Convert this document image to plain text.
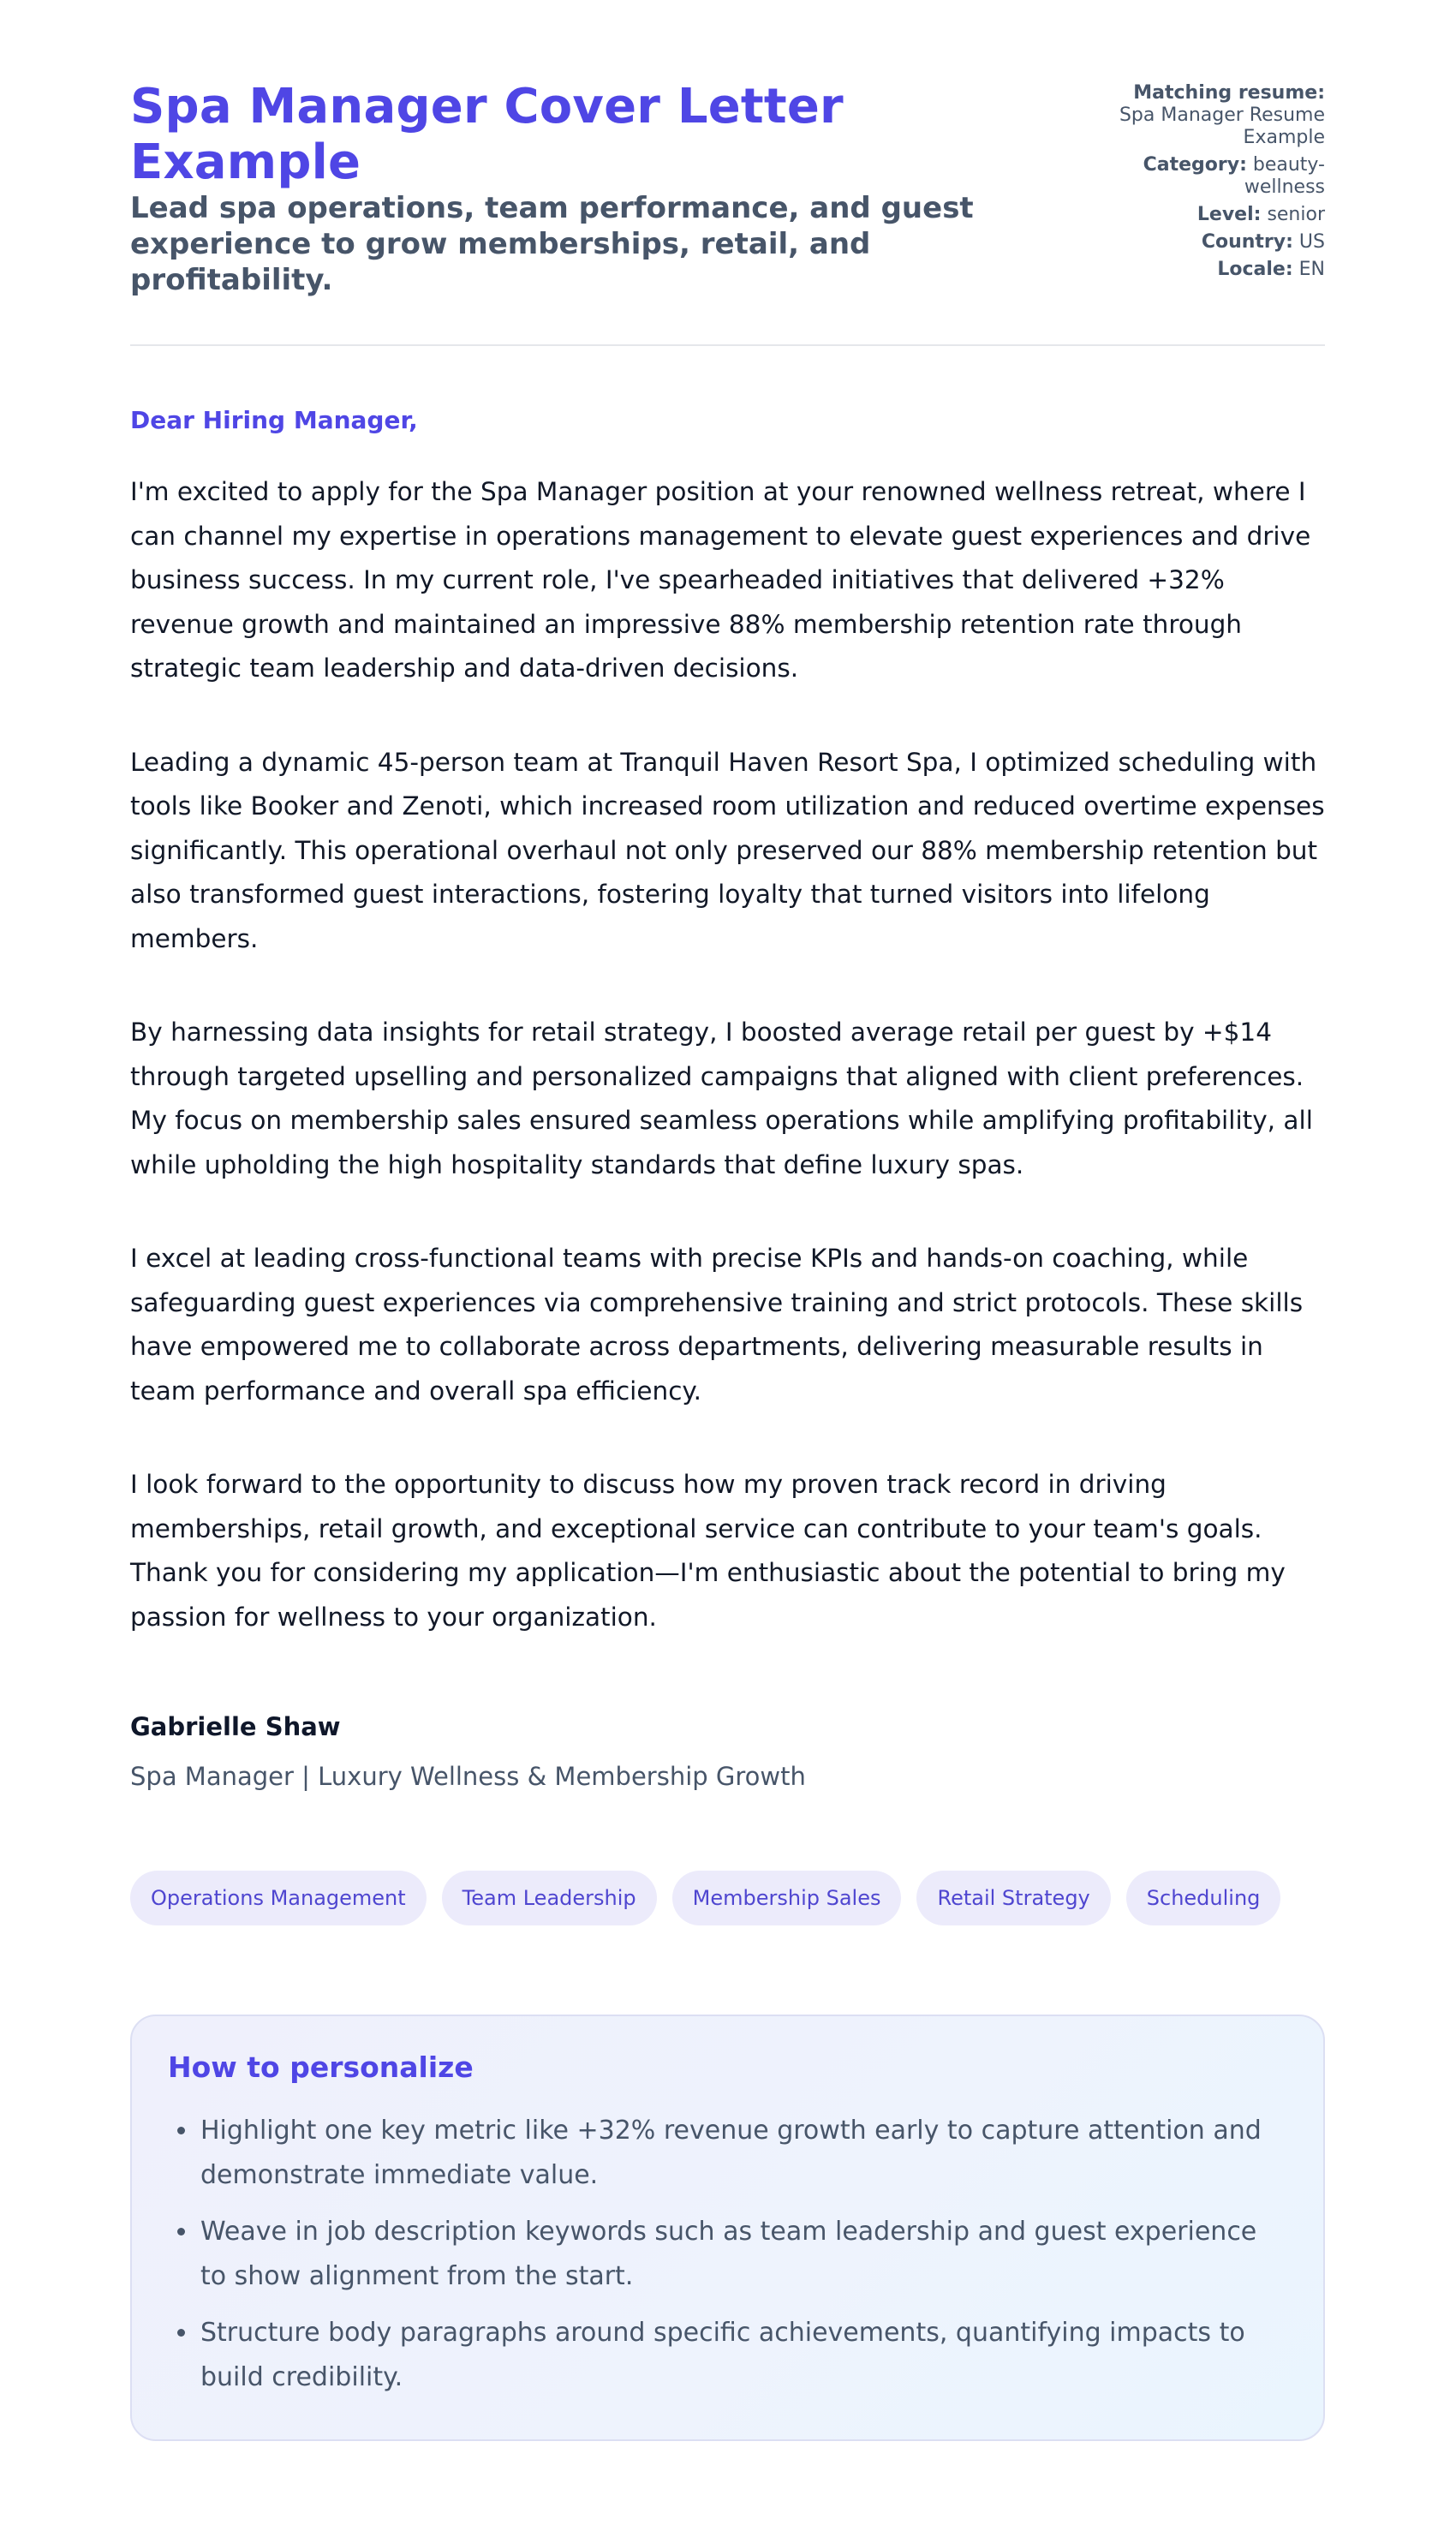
Spa Manager Cover Letter Example
Lead spa operations, team performance, and guest experience to grow memberships, retail, and profitability.
Matching resume:
Spa Manager Resume Example
Category: beauty-wellness
Level: senior
Country: US
Locale: EN

Dear Hiring Manager,

I'm excited to apply for the Spa Manager position at your renowned wellness retreat, where I can channel my expertise in operations management to elevate guest experiences and drive business success. In my current role, I've spearheaded initiatives that delivered +32% revenue growth and maintained an impressive 88% membership retention rate through strategic team leadership and data-driven decisions.

Leading a dynamic 45-person team at Tranquil Haven Resort Spa, I optimized scheduling with tools like Booker and Zenoti, which increased room utilization and reduced overtime expenses significantly. This operational overhaul not only preserved our 88% membership retention but also transformed guest interactions, fostering loyalty that turned visitors into lifelong members.

By harnessing data insights for retail strategy, I boosted average retail per guest by +$14 through targeted upselling and personalized campaigns that aligned with client preferences. My focus on membership sales ensured seamless operations while amplifying profitability, all while upholding the high hospitality standards that define luxury spas.

I excel at leading cross-functional teams with precise KPIs and hands-on coaching, while safeguarding guest experiences via comprehensive training and strict protocols. These skills have empowered me to collaborate across departments, delivering measurable results in team performance and overall spa efficiency.

I look forward to the opportunity to discuss how my proven track record in driving memberships, retail growth, and exceptional service can contribute to your team's goals. Thank you for considering my application—I'm enthusiastic about the potential to bring my passion for wellness to your organization.

Gabrielle Shaw
Spa Manager | Luxury Wellness & Membership Growth
Operations Management	Team Leadership	Membership Sales	Retail Strategy	Scheduling
How to personalize
• Highlight one key metric like +32% revenue growth early to capture attention and demonstrate immediate value.
• Weave in job description keywords such as team leadership and guest experience to show alignment from the start.
• Structure body paragraphs around specific achievements, quantifying impacts to build credibility.
